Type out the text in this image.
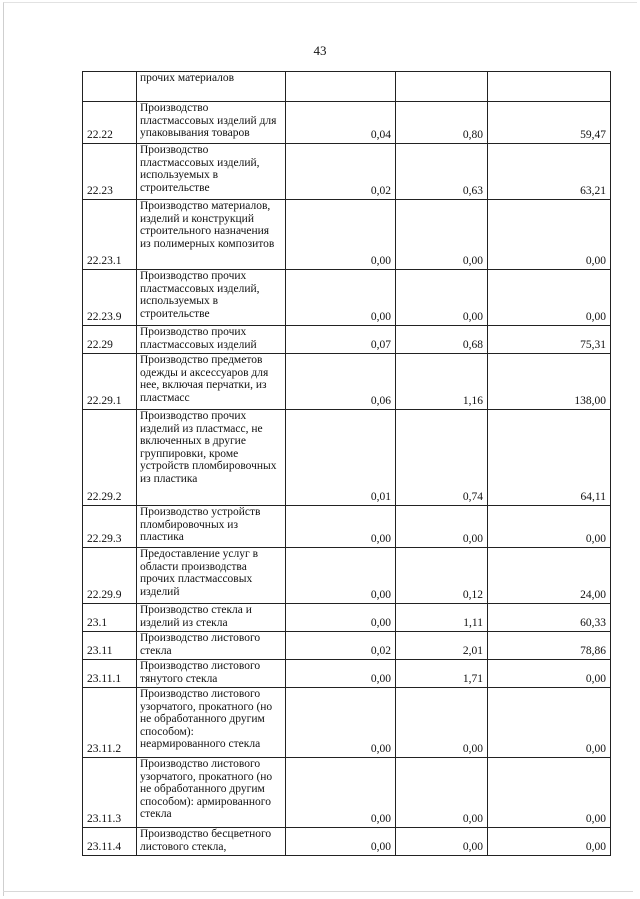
43
	прочих материалов			
22.22	Производство пластмассовых изделий для упаковывания товаров	0,04	0,80	59,47
22.23	Производство пластмассовых изделий, используемых в строительстве	0,02	0,63	63,21
22.23.1	Производство материалов, изделий и конструкций строительного назначения из полимерных композитов	0,00	0,00	0,00
22.23.9	Производство прочих пластмассовых изделий, используемых в строительстве	0,00	0,00	0,00
22.29	Производство прочих пластмассовых изделий	0,07	0,68	75,31
22.29.1	Производство предметов одежды и аксессуаров для нее, включая перчатки, из пластмасс	0,06	1,16	138,00
22.29.2	Производство прочих изделий из пластмасс, не включенных в другие группировки, кроме устройств пломбировочных из пластика	0,01	0,74	64,11
22.29.3	Производство устройств пломбировочных из пластика	0,00	0,00	0,00
22.29.9	Предоставление услуг в области производства прочих пластмассовых изделий	0,00	0,12	24,00
23.1	Производство стекла и изделий из стекла	0,00	1,11	60,33
23.11	Производство листового стекла	0,02	2,01	78,86
23.11.1	Производство листового тянутого стекла	0,00	1,71	0,00
23.11.2	Производство листового узорчатого, прокатного (но не обработанного другим способом): неармированного стекла	0,00	0,00	0,00
23.11.3	Производство листового узорчатого, прокатного (но не обработанного другим способом): армированного стекла	0,00	0,00	0,00
23.11.4	Производство бесцветного листового стекла,	0,00	0,00	0,00
